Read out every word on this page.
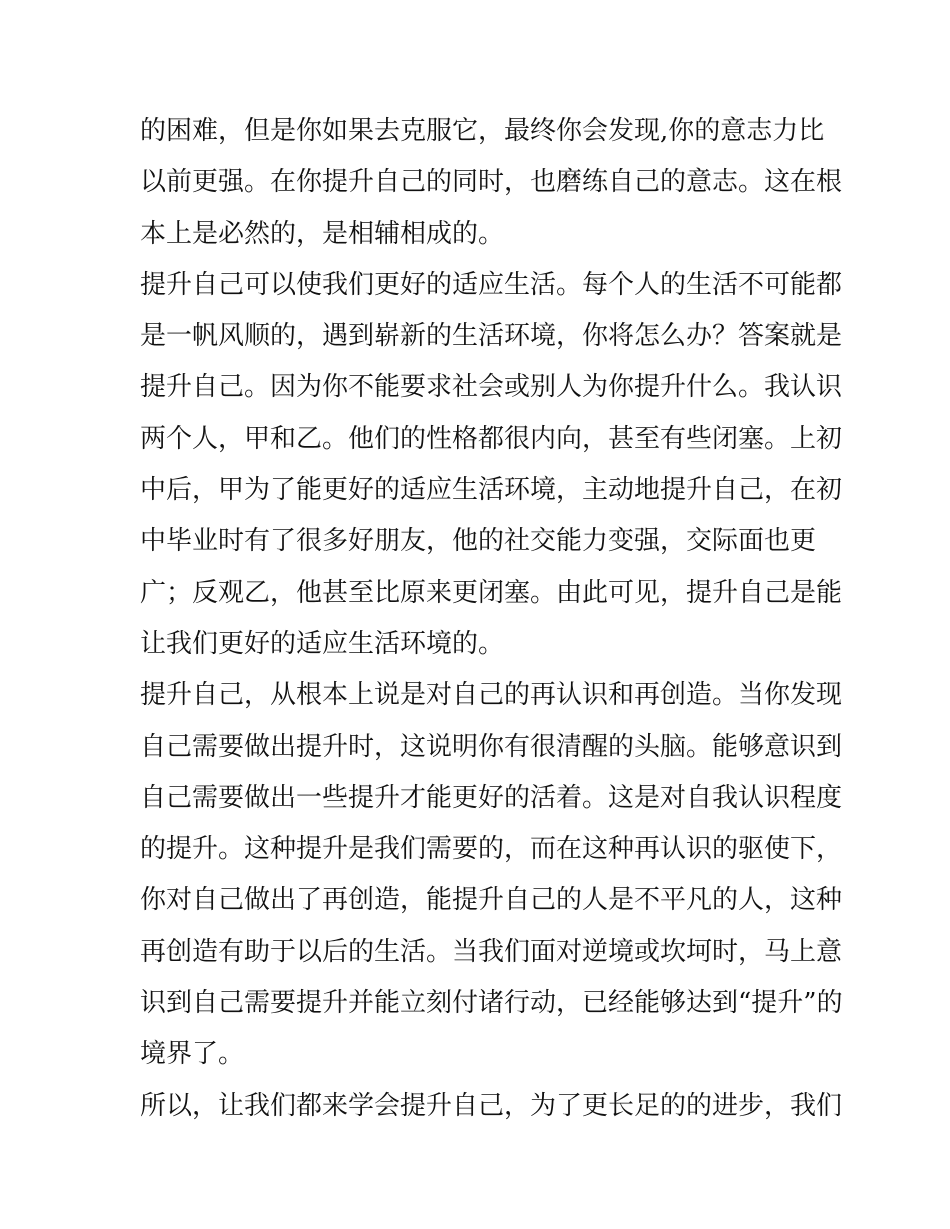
的困难，但是你如果去克服它，最终你会发现,你的意志力比
以前更强。在你提升自己的同时，也磨练自己的意志。这在根
本上是必然的，是相辅相成的。

提升自己可以使我们更好的适应生活。每个人的生活不可能都
是一帆风顺的，遇到崭新的生活环境，你将怎么办？答案就是
提升自己。因为你不能要求社会或别人为你提升什么。我认识
两个人，甲和乙。他们的性格都很内向，甚至有些闭塞。上初
中后，甲为了能更好的适应生活环境，主动地提升自己，在初
中毕业时有了很多好朋友，他的社交能力变强，交际面也更
广；反观乙，他甚至比原来更闭塞。由此可见，提升自己是能
让我们更好的适应生活环境的。

提升自己，从根本上说是对自己的再认识和再创造。当你发现
自己需要做出提升时，这说明你有很清醒的头脑。能够意识到
自己需要做出一些提升才能更好的活着。这是对自我认识程度
的提升。这种提升是我们需要的，而在这种再认识的驱使下，
你对自己做出了再创造，能提升自己的人是不平凡的人，这种
再创造有助于以后的生活。当我们面对逆境或坎坷时，马上意
识到自己需要提升并能立刻付诸行动，已经能够达到“提升”的
境界了。

所以，让我们都来学会提升自己，为了更长足的的进步，我们
